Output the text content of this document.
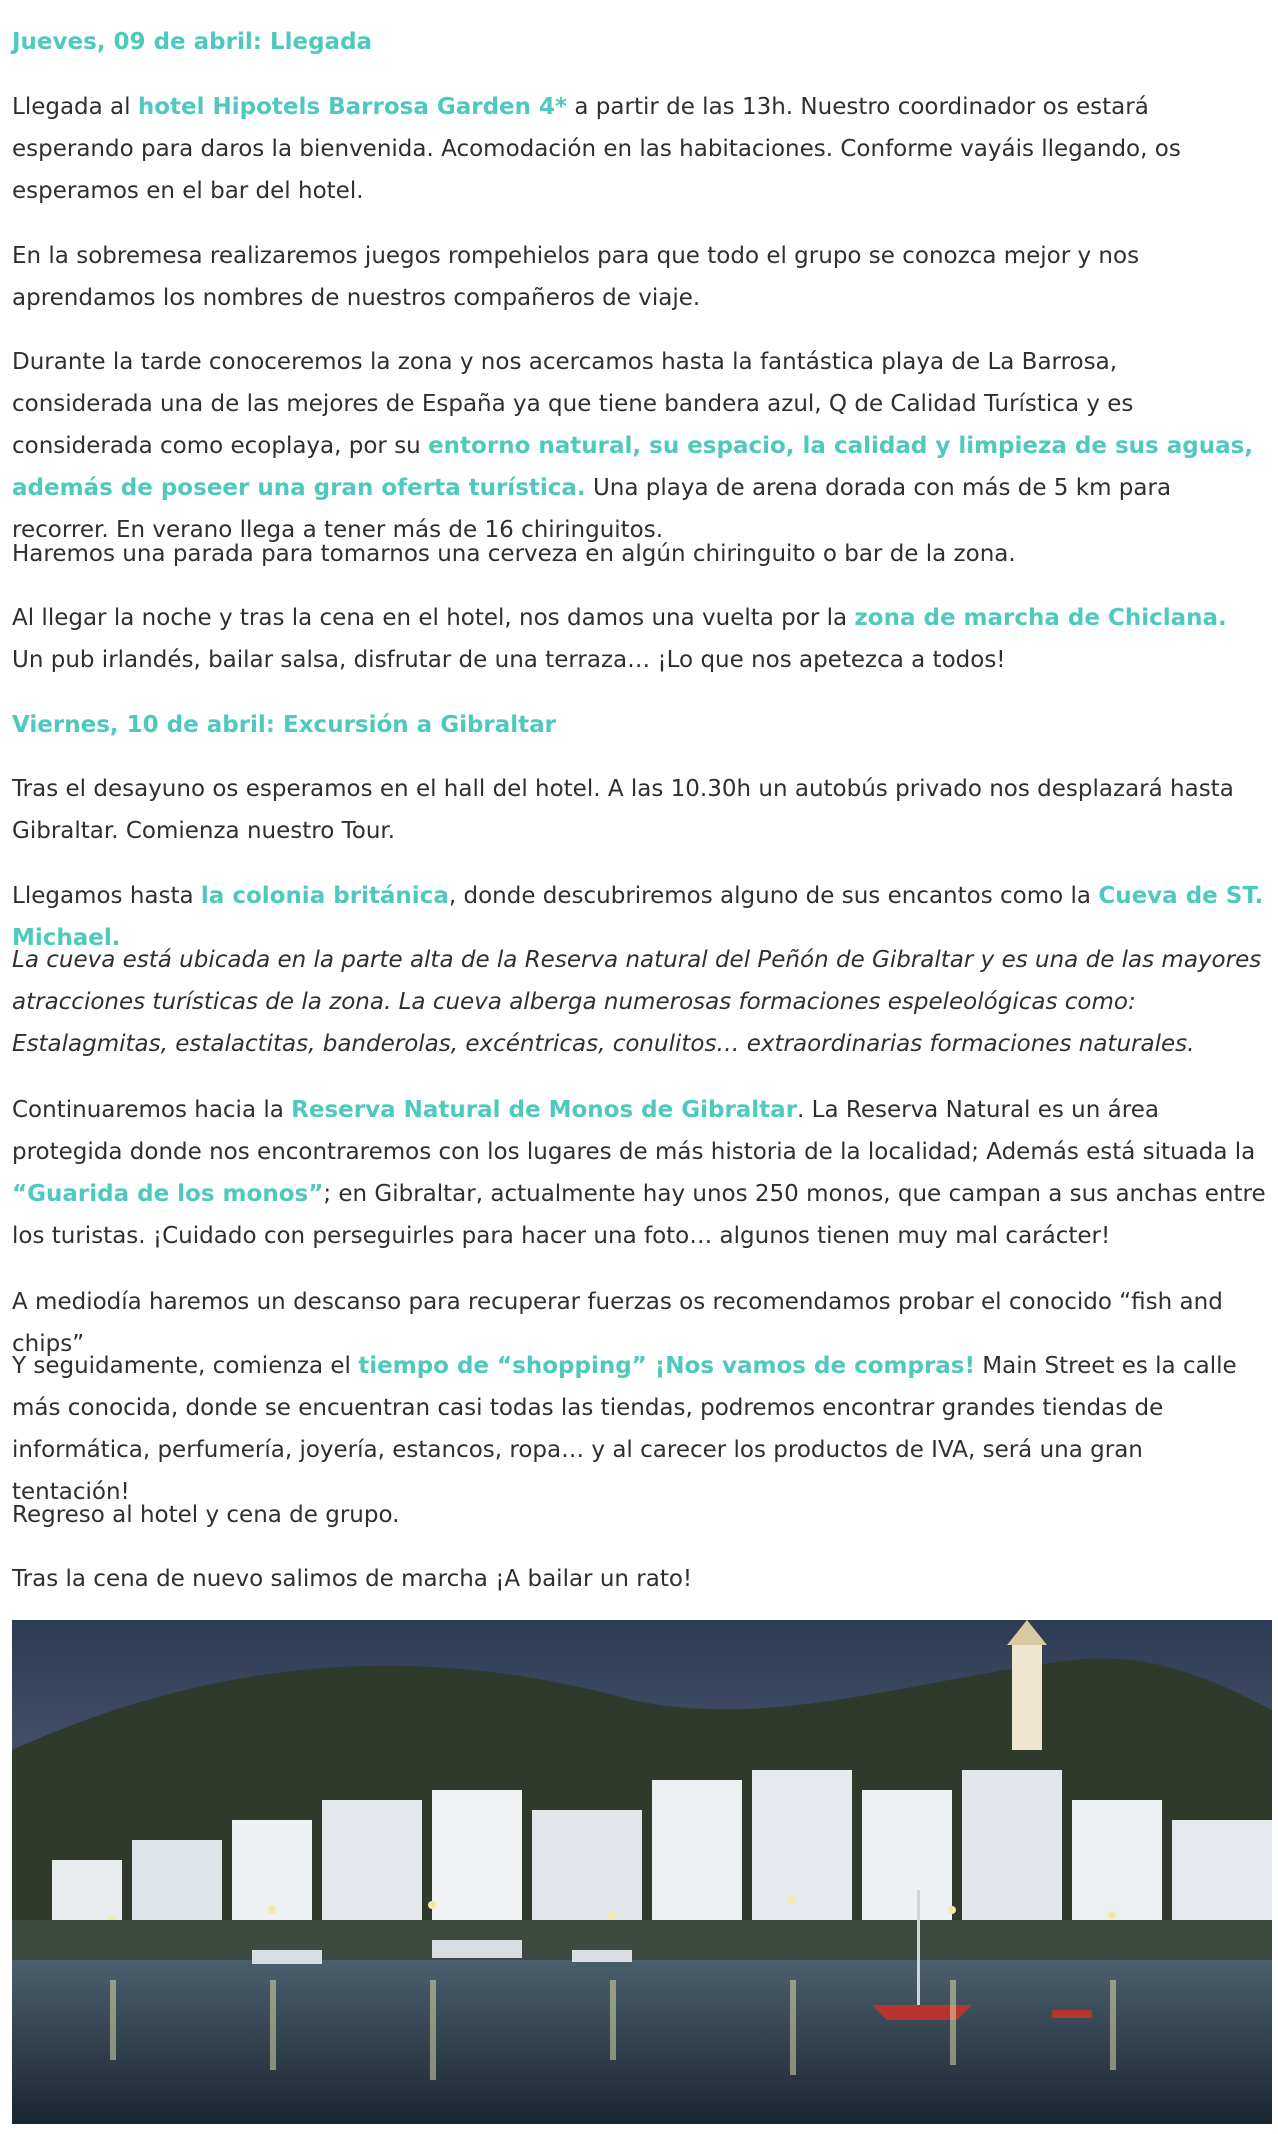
Jueves, 09 de abril: Llegada

Llegada al hotel Hipotels Barrosa Garden 4* a partir de las 13h. Nuestro coordinador os estará esperando para daros la bienvenida. Acomodación en las habitaciones. Conforme vayáis llegando, os esperamos en el bar del hotel.

En la sobremesa realizaremos juegos rompehielos para que todo el grupo se conozca mejor y nos aprendamos los nombres de nuestros compañeros de viaje.

Durante la tarde conoceremos la zona y nos acercamos hasta la fantástica playa de La Barrosa, considerada una de las mejores de España ya que tiene bandera azul, Q de Calidad Turística y es considerada como ecoplaya, por su entorno natural, su espacio, la calidad y limpieza de sus aguas, además de poseer una gran oferta turística. Una playa de arena dorada con más de 5 km para recorrer. En verano llega a tener más de 16 chiringuitos.

Haremos una parada para tomarnos una cerveza en algún chiringuito o bar de la zona.

Al llegar la noche y tras la cena en el hotel, nos damos una vuelta por la zona de marcha de Chiclana. Un pub irlandés, bailar salsa, disfrutar de una terraza… ¡Lo que nos apetezca a todos!

Viernes, 10 de abril: Excursión a Gibraltar

Tras el desayuno os esperamos en el hall del hotel. A las 10.30h un autobús privado nos desplazará hasta Gibraltar. Comienza nuestro Tour.

Llegamos hasta la colonia británica, donde descubriremos alguno de sus encantos como la Cueva de ST. Michael.

La cueva está ubicada en la parte alta de la Reserva natural del Peñón de Gibraltar y es una de las mayores atracciones turísticas de la zona. La cueva alberga numerosas formaciones espeleológicas como: Estalagmitas, estalactitas, banderolas, excéntricas, conulitos… extraordinarias formaciones naturales.

Continuaremos hacia la Reserva Natural de Monos de Gibraltar. La Reserva Natural es un área protegida donde nos encontraremos con los lugares de más historia de la localidad; Además está situada la “Guarida de los monos”; en Gibraltar, actualmente hay unos 250 monos, que campan a sus anchas entre los turistas. ¡Cuidado con perseguirles para hacer una foto… algunos tienen muy mal carácter!

A mediodía haremos un descanso para recuperar fuerzas os recomendamos probar el conocido “fish and chips”

Y seguidamente, comienza el tiempo de “shopping” ¡Nos vamos de compras! Main Street es la calle más conocida, donde se encuentran casi todas las tiendas, podremos encontrar grandes tiendas de informática, perfumería, joyería, estancos, ropa… y al carecer los productos de IVA, será una gran tentación!

Regreso al hotel y cena de grupo.

Tras la cena de nuevo salimos de marcha ¡A bailar un rato!
